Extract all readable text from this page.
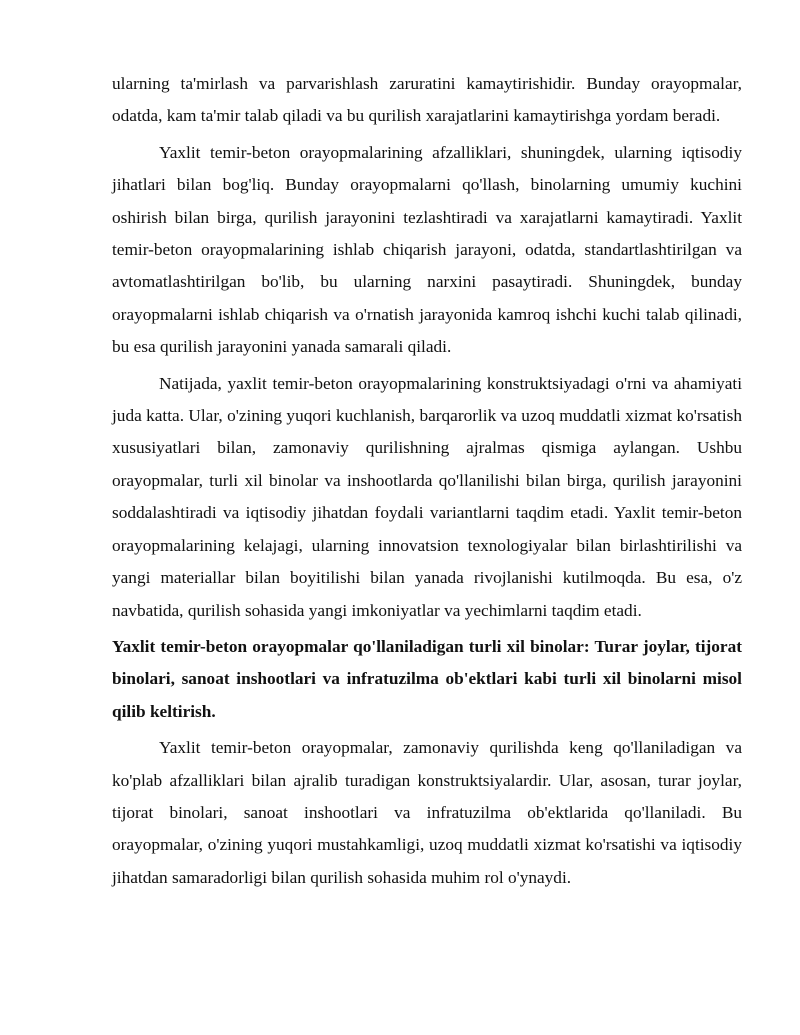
ularning ta'mirlash va parvarishlash zaruratini kamaytirishidir. Bunday orayopmalar, odatda, kam ta'mir talab qiladi va bu qurilish xarajatlarini kamaytirishga yordam beradi.

Yaxlit temir-beton orayopmalarining afzalliklari, shuningdek, ularning iqtisodiy jihatlari bilan bog'liq. Bunday orayopmalarni qo'llash, binolarning umumiy kuchini oshirish bilan birga, qurilish jarayonini tezlashtiradi va xarajatlarni kamaytiradi. Yaxlit temir-beton orayopmalarining ishlab chiqarish jarayoni, odatda, standartlashtirilgan va avtomatlashtirilgan bo'lib, bu ularning narxini pasaytiradi. Shuningdek, bunday orayopmalarni ishlab chiqarish va o'rnatish jarayonida kamroq ishchi kuchi talab qilinadi, bu esa qurilish jarayonini yanada samarali qiladi.

Natijada, yaxlit temir-beton orayopmalarining konstruktsiyadagi o'rni va ahamiyati juda katta. Ular, o'zining yuqori kuchlanish, barqarorlik va uzoq muddatli xizmat ko'rsatish xususiyatlari bilan, zamonaviy qurilishning ajralmas qismiga aylangan. Ushbu orayopmalar, turli xil binolar va inshootlarda qo'llanilishi bilan birga, qurilish jarayonini soddalashtiradi va iqtisodiy jihatdan foydali variantlarni taqdim etadi. Yaxlit temir-beton orayopmalarining kelajagi, ularning innovatsion texnologiyalar bilan birlashtirilishi va yangi materiallar bilan boyitilishi bilan yanada rivojlanishi kutilmoqda. Bu esa, o'z navbatida, qurilish sohasida yangi imkoniyatlar va yechimlarni taqdim etadi.

Yaxlit temir-beton orayopmalar qo'llaniladigan turli xil binolar: Turar joylar, tijorat binolari, sanoat inshootlari va infratuzilma ob'ektlari kabi turli xil binolarni misol qilib keltirish.

Yaxlit temir-beton orayopmalar, zamonaviy qurilishda keng qo'llaniladigan va ko'plab afzalliklari bilan ajralib turadigan konstruktsiyalardir. Ular, asosan, turar joylar, tijorat binolari, sanoat inshootlari va infratuzilma ob'ektlarida qo'llaniladi. Bu orayopmalar, o'zining yuqori mustahkamligi, uzoq muddatli xizmat ko'rsatishi va iqtisodiy jihatdan samaradorligi bilan qurilish sohasida muhim rol o'ynaydi.
